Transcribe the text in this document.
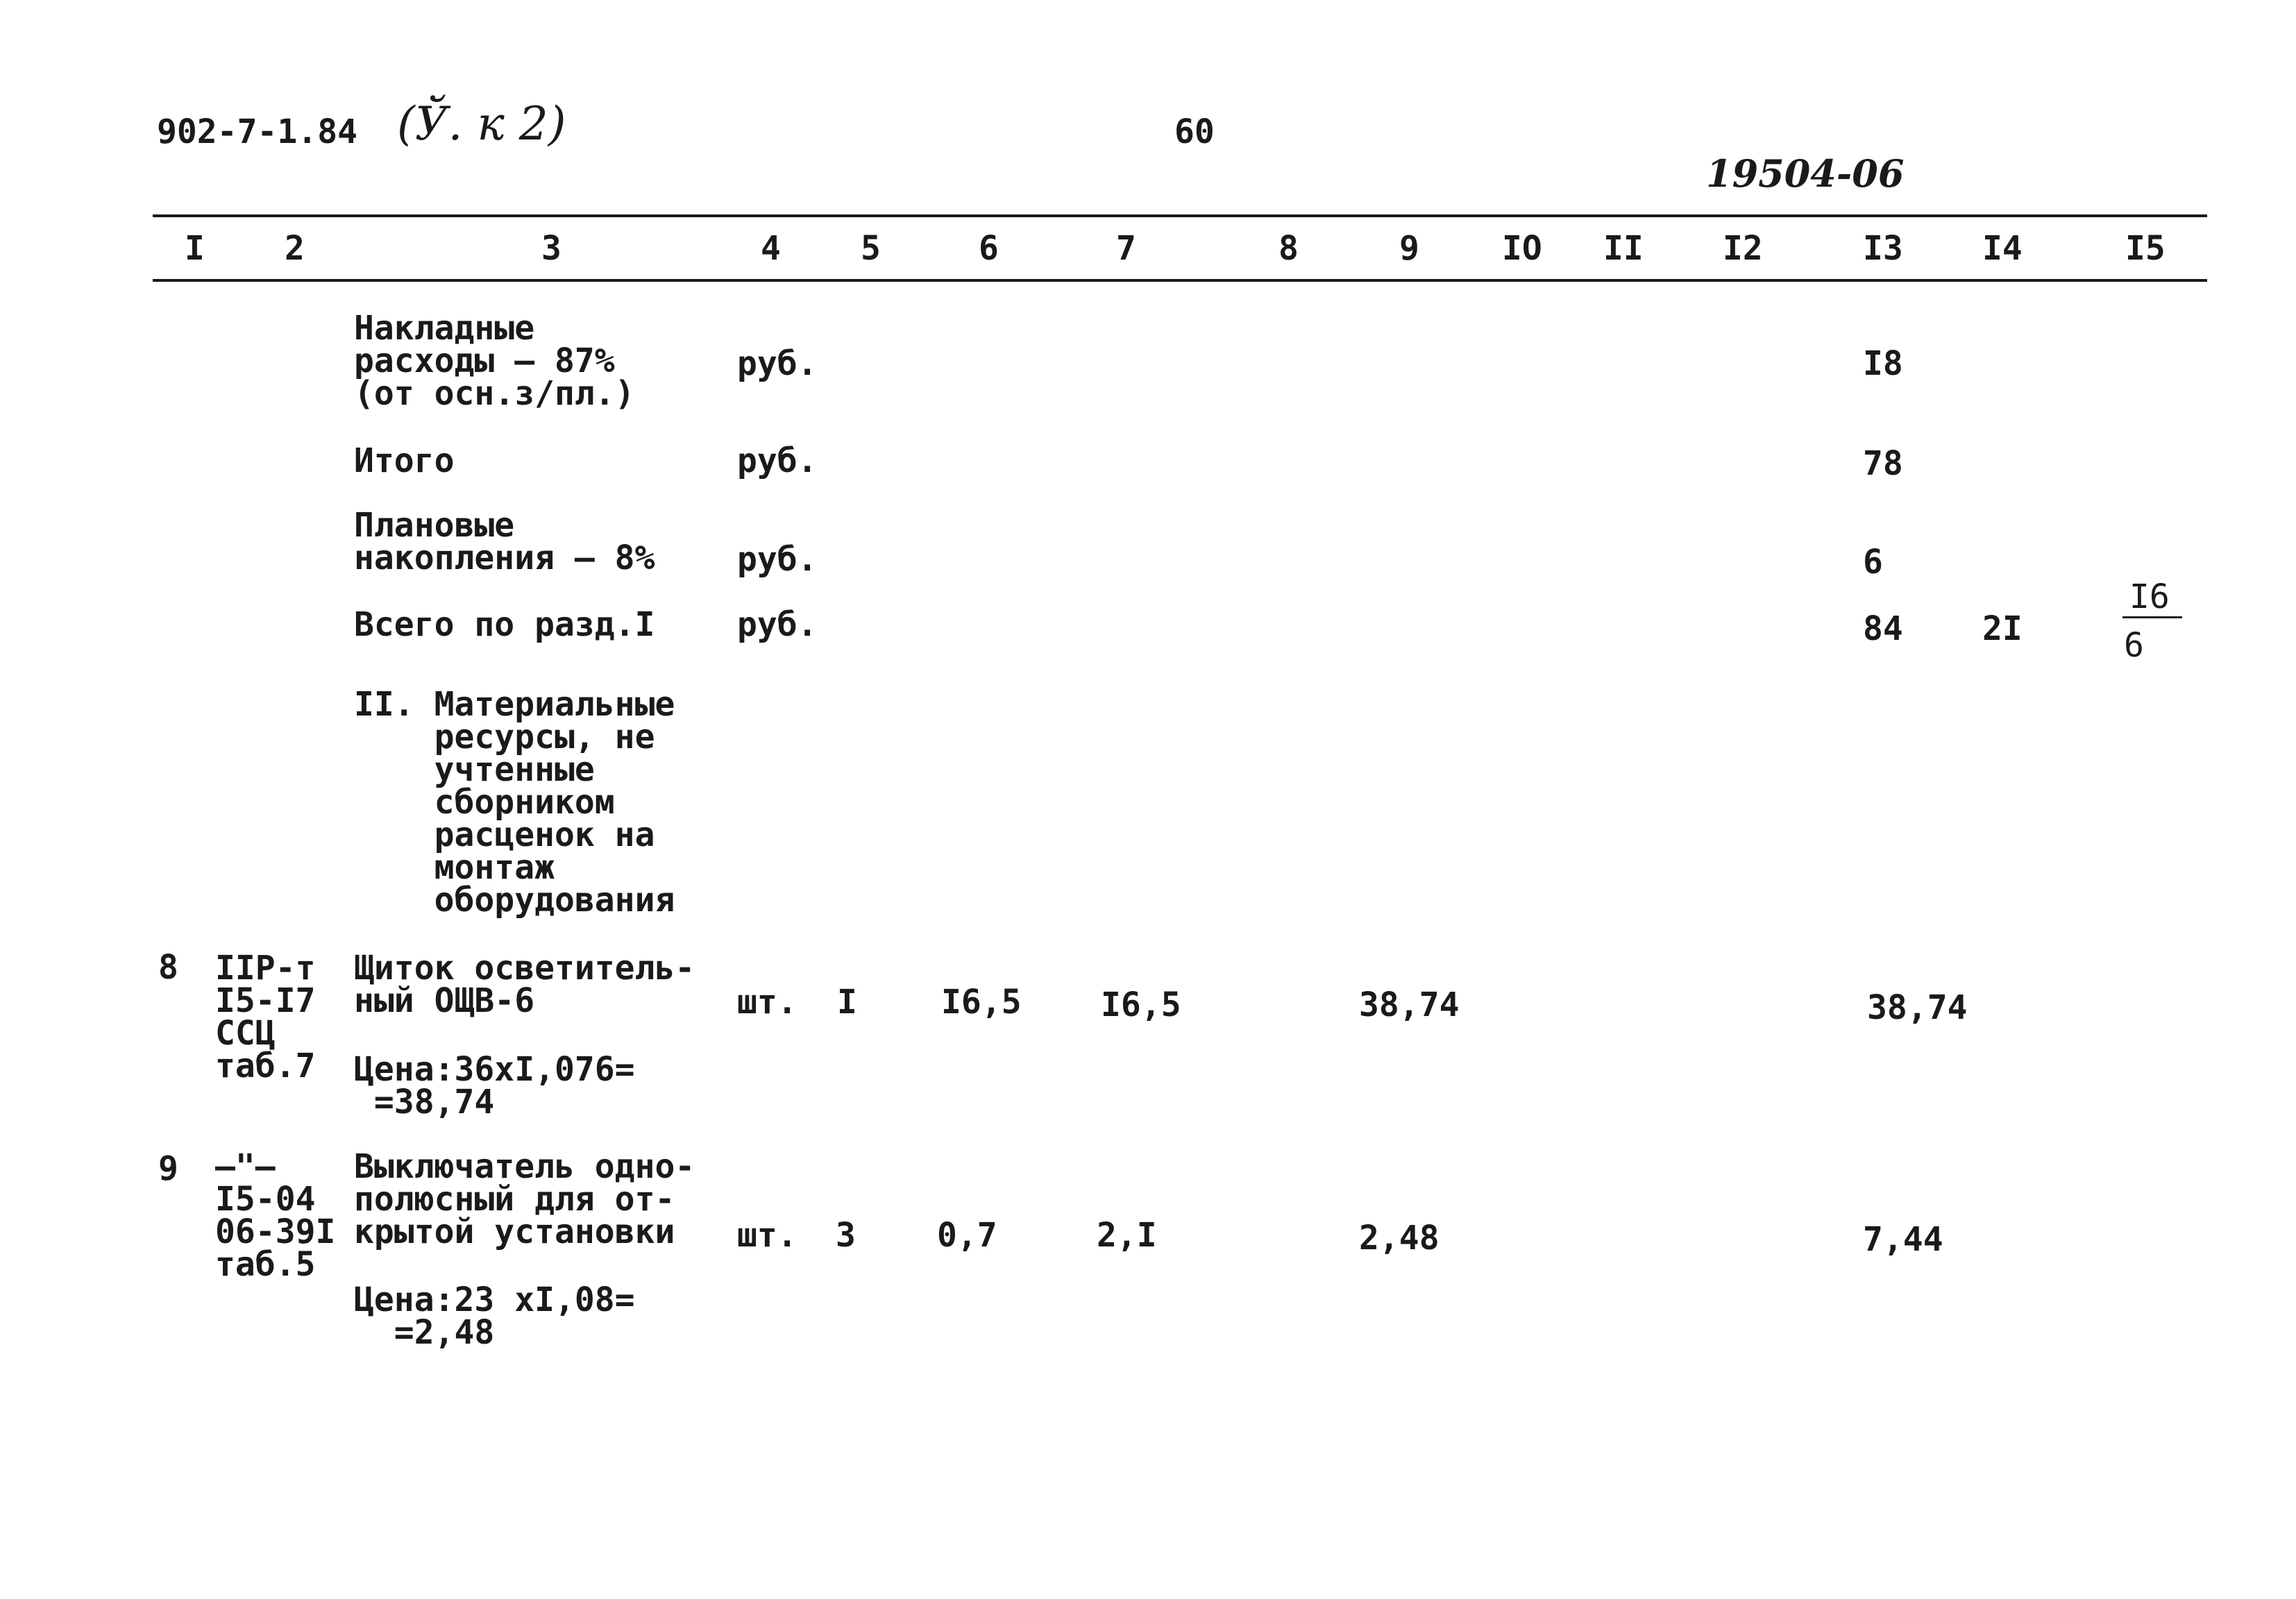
902-7-1.84 (Ў. к 2)	60
19504-06
I 2	3	4 5	6	7	8	9 IO II I2	I3 I4	I5
Накладные
расходы – 87%
(от осн.з/пл.)
руб.	I8
Итого	руб.	78
Плановые
накопления – 8% руб.	6
Всего по разд.I руб.	84 2I
I6
6
II. Материальные
ресурсы, не
учтенные
сборником
расценок на
монтаж
оборудования
8 IIP-т
I5-I7
ССЦ
таб.7
Щиток осветитель-
ный ОЩВ-6
Цена:36хI,076=
=38,74
шт. I	I6,5 I6,5	38,74	38,74
9 –"–
I5-04
06-39I
таб.5
Выключатель одно-
полюсный для от-
крытой установки
Цена:23 хI,08=
=2,48
шт. 3 0,7	2,I	2,48	7,44
